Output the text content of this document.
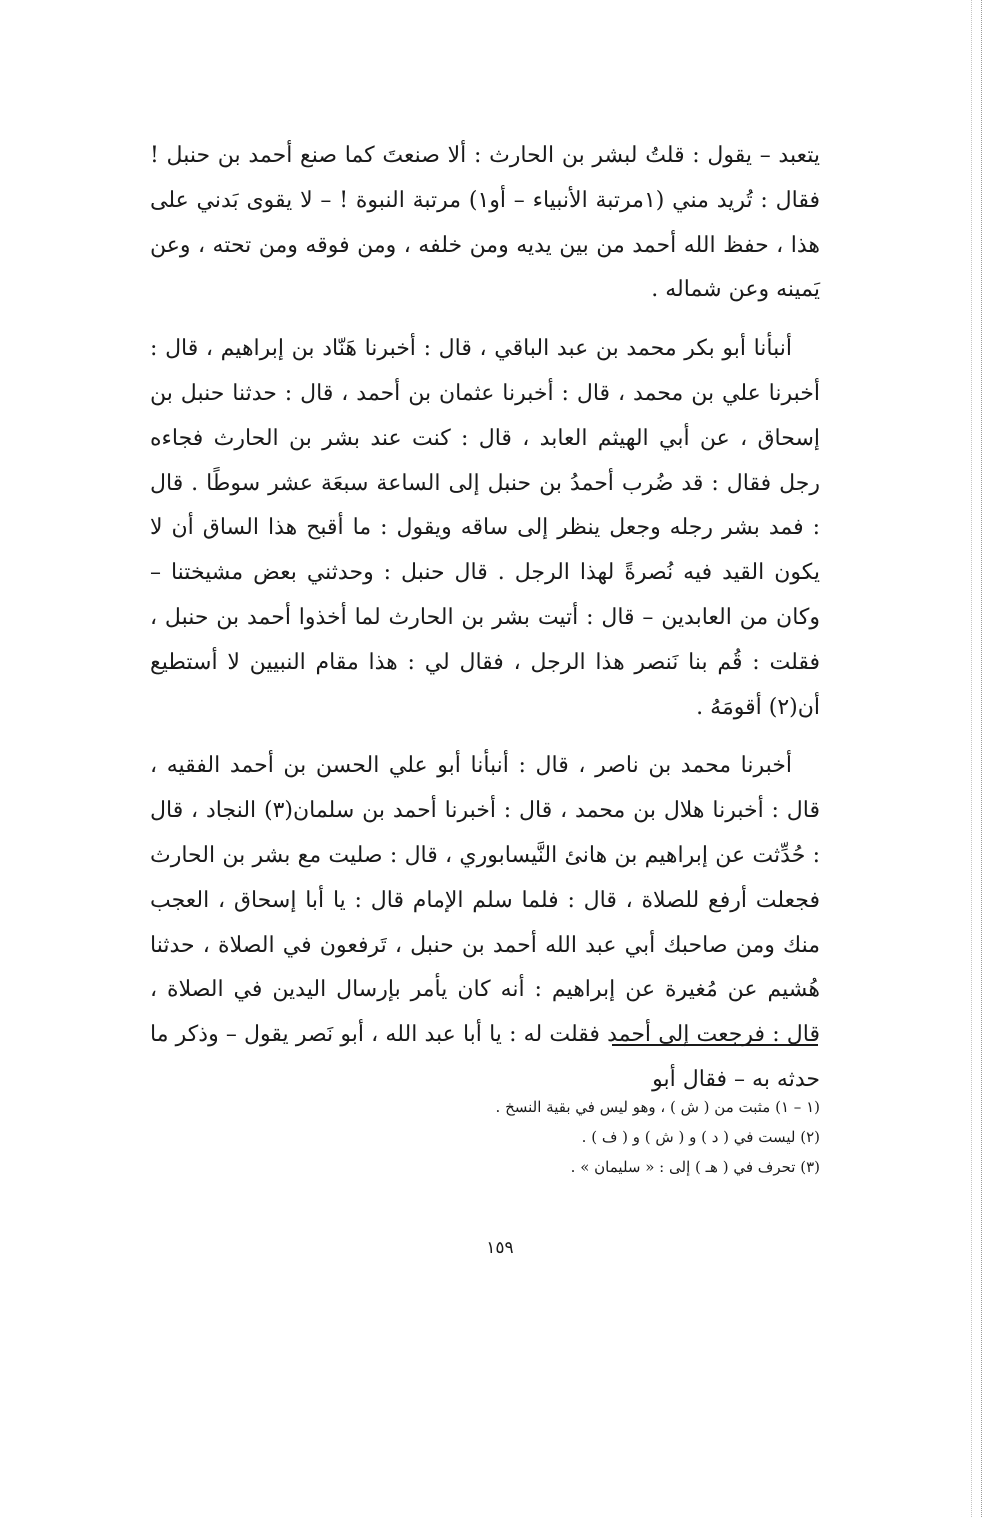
يتعبد – يقول : قلتُ لبشر بن الحارث : ألا صنعتَ كما صنع أحمد بن حنبل ! فقال : تُريد مني (١مرتبة الأنبياء – أو١) مرتبة النبوة ! – لا يقوى بَدني على هذا ، حفظ الله أحمد من بين يديه ومن خلفه ، ومن فوقه ومن تحته ، وعن يَمينه وعن شماله .

أنبأنا أبو بكر محمد بن عبد الباقي ، قال : أخبرنا هَنّاد بن إبراهيم ، قال : أخبرنا علي بن محمد ، قال : أخبرنا عثمان بن أحمد ، قال : حدثنا حنبل بن إسحاق ، عن أبي الهيثم العابد ، قال : كنت عند بشر بن الحارث فجاءه رجل فقال : قد ضُرب أحمدُ بن حنبل إلى الساعة سبعَة عشر سوطًا . قال : فمد بشر رجله وجعل ينظر إلى ساقه ويقول : ما أقبح هذا الساق أن لا يكون القيد فيه نُصرةً لهذا الرجل . قال حنبل : وحدثني بعض مشيختنا – وكان من العابدين – قال : أتيت بشر بن الحارث لما أخذوا أحمد بن حنبل ، فقلت : قُم بنا نَنصر هذا الرجل ، فقال لي : هذا مقام النبيين لا أستطيع أن(٢) أقومَهُ .

أخبرنا محمد بن ناصر ، قال : أنبأنا أبو علي الحسن بن أحمد الفقيه ، قال : أخبرنا هلال بن محمد ، قال : أخبرنا أحمد بن سلمان(٣) النجاد ، قال : حُدِّثت عن إبراهيم بن هانئ النَّيسابوري ، قال : صليت مع بشر بن الحارث فجعلت أرفع للصلاة ، قال : فلما سلم الإمام قال : يا أبا إسحاق ، العجب منك ومن صاحبك أبي عبد الله أحمد بن حنبل ، تَرفعون في الصلاة ، حدثنا هُشيم عن مُغيرة عن إبراهيم : أنه كان يأمر بإرسال اليدين في الصلاة ، قال : فرجعت إلى أحمد فقلت له : يا أبا عبد الله ، أبو نَصر يقول – وذكر ما حدثه به – فقال أبو

(١ – ١) مثبت من ( ش ) ، وهو ليس في بقية النسخ .

(٢) ليست في ( د ) و ( ش ) و ( ف ) .

(٣) تحرف في ( هـ ) إلى : « سليمان » .

١٥٩
